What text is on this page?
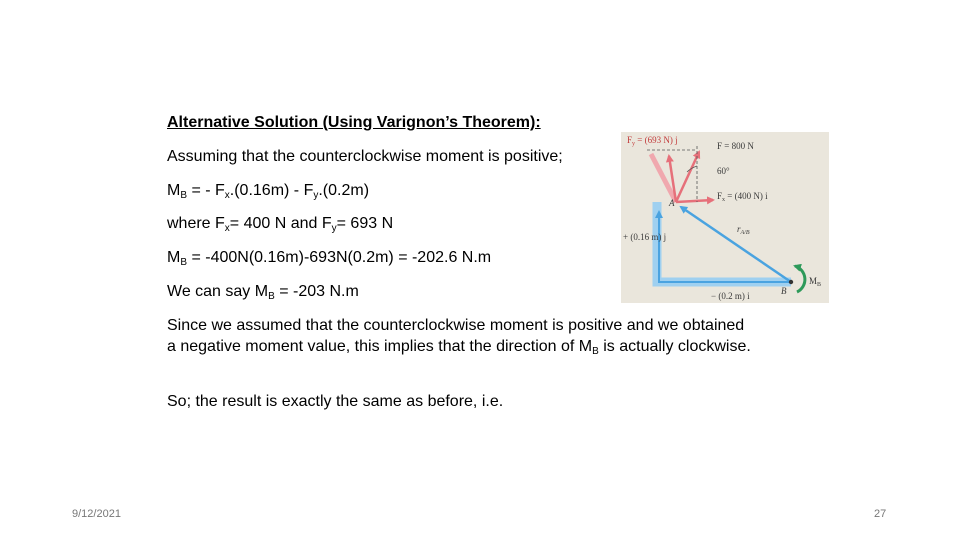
Alternative Solution (Using Varignon’s Theorem):
Assuming that the counterclockwise moment is positive;
$M_B$ = - $F_x.(0.16m) - F_y.(0.2m)$
where $F_x= 400$ N and $F_y= 693$ N
$M_B = -400N(0.16m)-693N(0.2m) = -202.6$ N.m
We can say $M_B = -203$ N.m
Since we assumed that the counterclockwise moment is positive and we obtained a negative moment value, this implies that the direction of $M_B$ is actually clockwise.
So; the result is exactly the same as before, i.e.
$F_y = (693$ N) j
F = 800 N
60°
$F_x = (400$ N) i
A
B
$r_{A/B}$
+ (0.16 m) j
− (0.2 m) i
$M_B$
9/12/2021	27
